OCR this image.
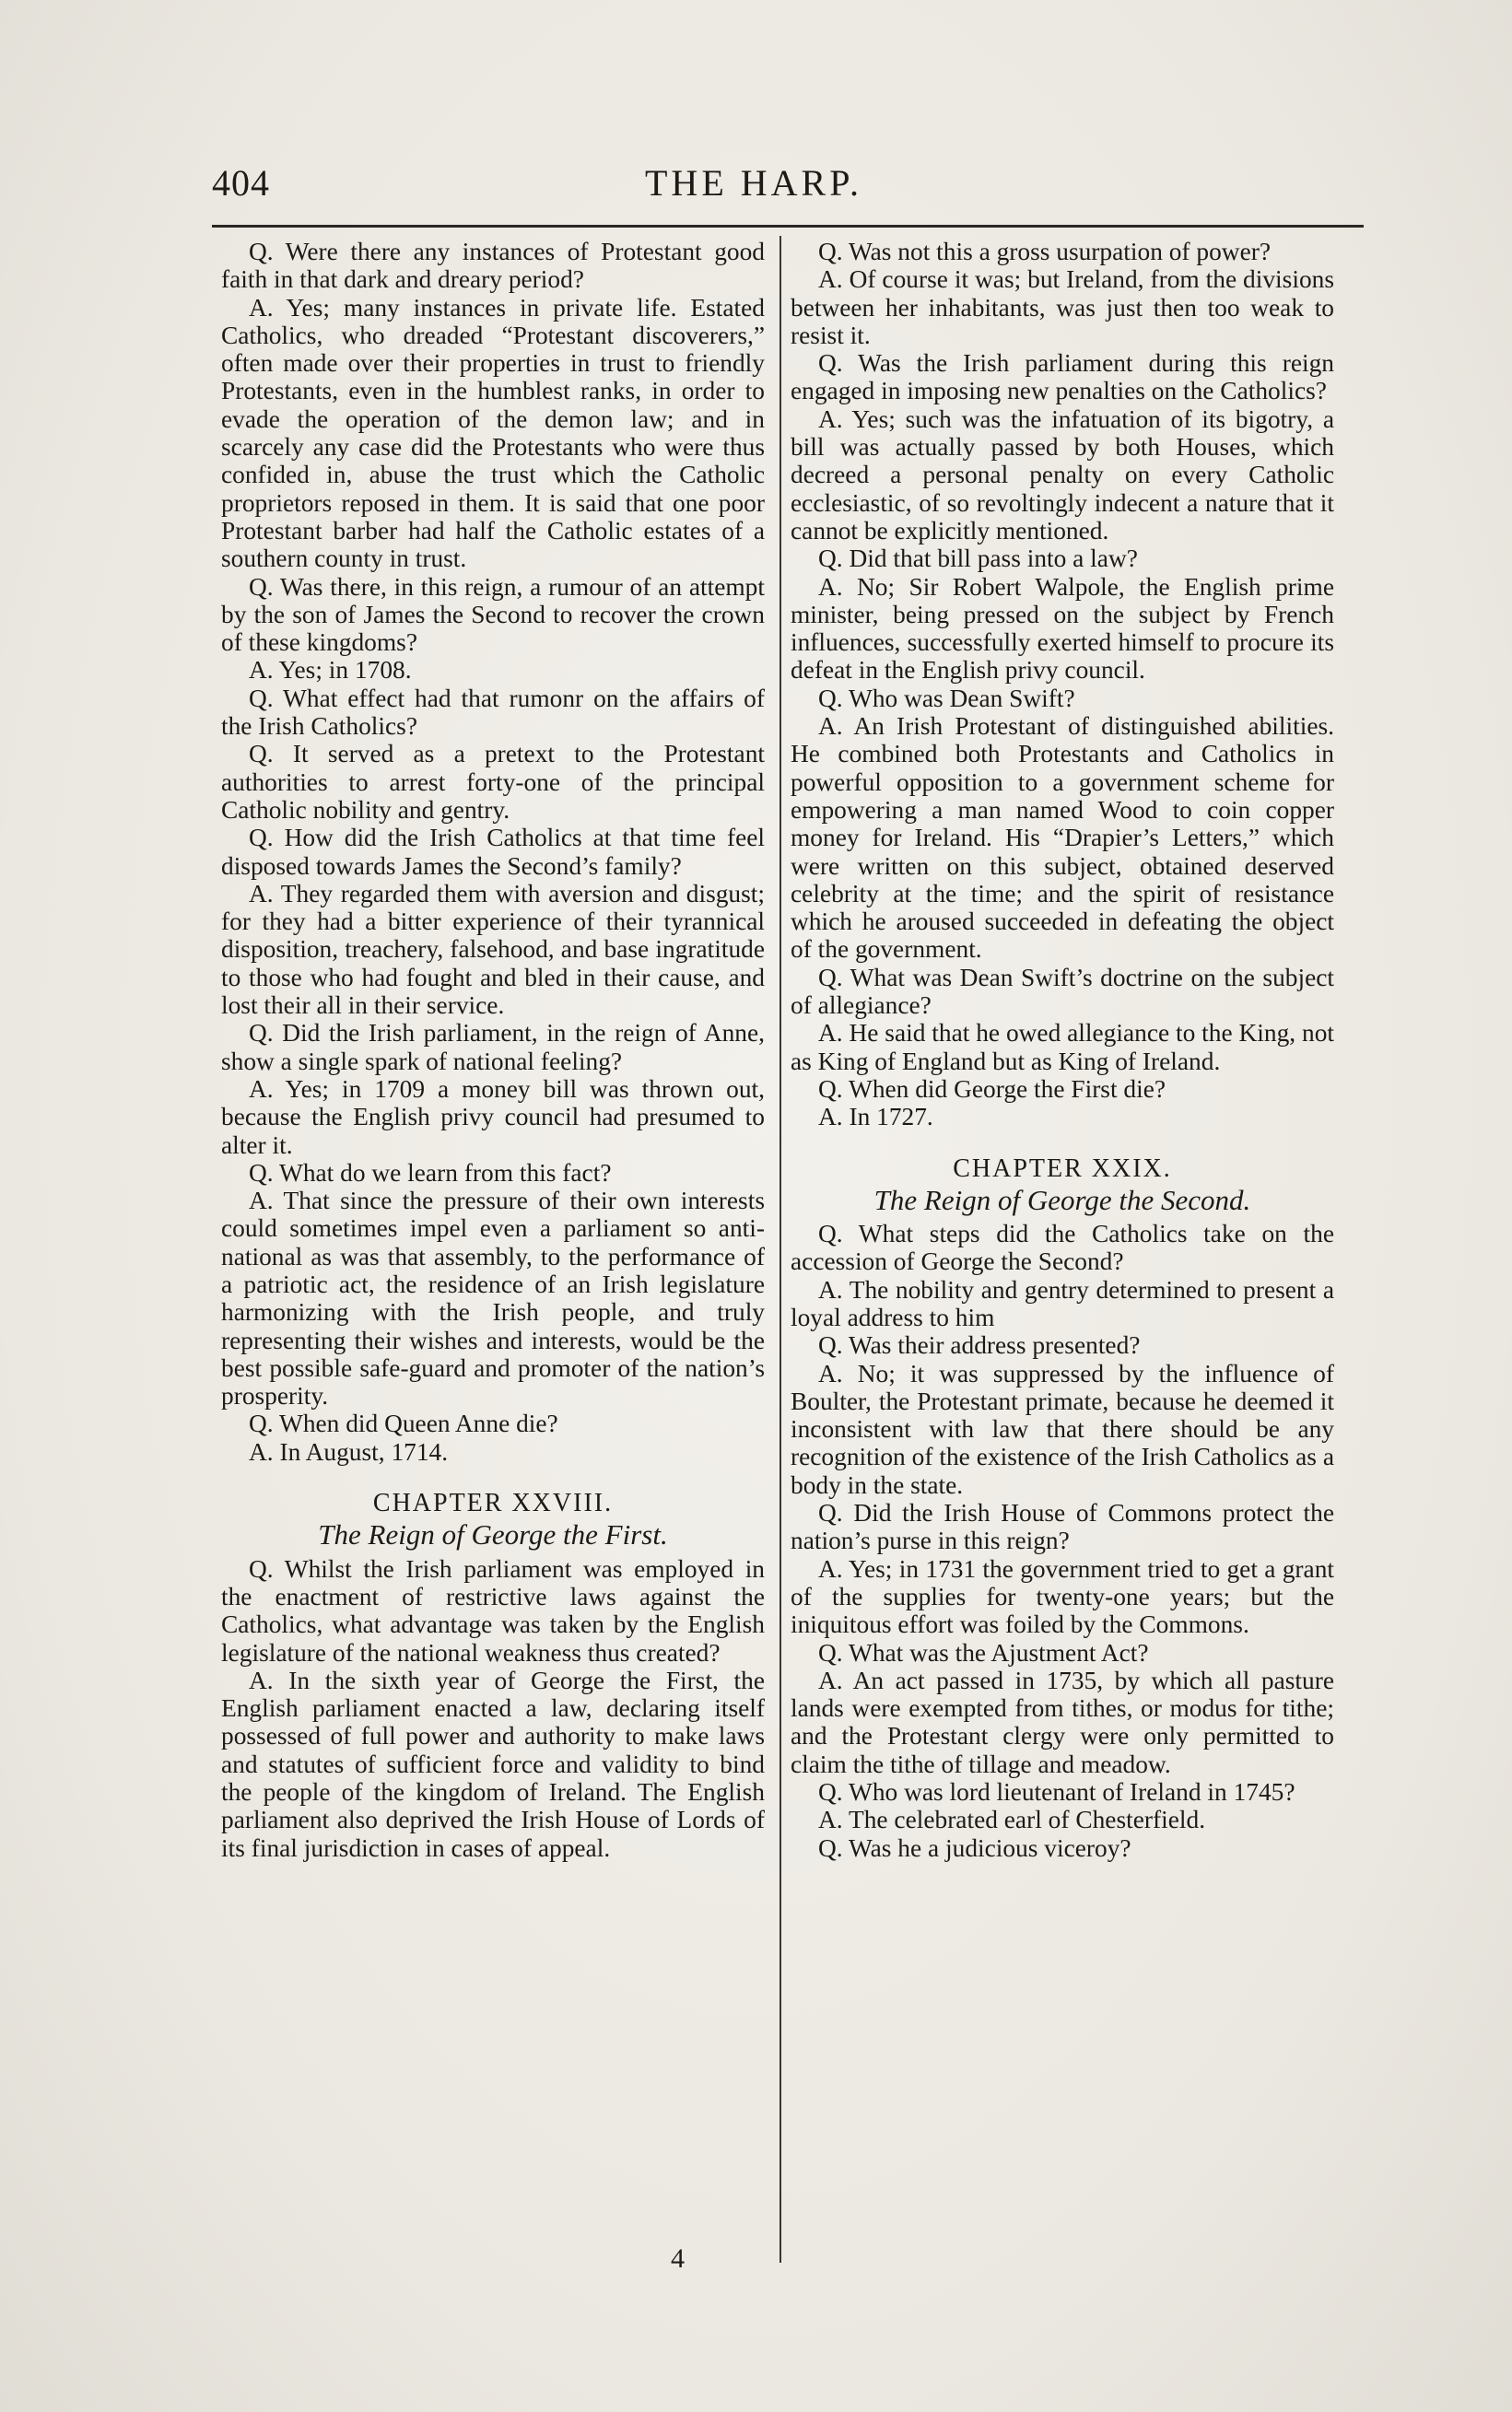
404	THE HARP.

Q. Were there any instances of Protestant good faith in that dark and dreary period?

A. Yes; many instances in private life. Estated Catholics, who dreaded “Protestant discoverers,” often made over their properties in trust to friendly Protestants, even in the humblest ranks, in order to evade the operation of the demon law; and in scarcely any case did the Protestants who were thus confided in, abuse the trust which the Catholic proprietors reposed in them. It is said that one poor Protestant barber had half the Catholic estates of a southern county in trust.

Q. Was there, in this reign, a rumour of an attempt by the son of James the Second to recover the crown of these kingdoms?

A. Yes; in 1708.

Q. What effect had that rumonr on the affairs of the Irish Catholics?

Q. It served as a pretext to the Protestant authorities to arrest forty-one of the principal Catholic nobility and gentry.

Q. How did the Irish Catholics at that time feel disposed towards James the Second’s family?

A. They regarded them with aversion and disgust; for they had a bitter experience of their tyrannical disposition, treachery, falsehood, and base ingratitude to those who had fought and bled in their cause, and lost their all in their service.

Q. Did the Irish parliament, in the reign of Anne, show a single spark of national feeling?

A. Yes; in 1709 a money bill was thrown out, because the English privy council had presumed to alter it.

Q. What do we learn from this fact?

A. That since the pressure of their own interests could sometimes impel even a parliament so anti-national as was that assembly, to the performance of a patriotic act, the residence of an Irish legislature harmonizing with the Irish people, and truly representing their wishes and interests, would be the best possible safe-guard and promoter of the nation’s prosperity.

Q. When did Queen Anne die?

A. In August, 1714.

CHAPTER XXVIII.

The Reign of George the First.

Q. Whilst the Irish parliament was employed in the enactment of restrictive laws against the Catholics, what advantage was taken by the English legislature of the national weakness thus created?

A. In the sixth year of George the First, the English parliament enacted a law, declaring itself possessed of full power and authority to make laws and statutes of sufficient force and validity to bind the people of the kingdom of Ireland. The English parliament also deprived the Irish House of Lords of its final jurisdiction in cases of appeal.

Q. Was not this a gross usurpation of power?

A. Of course it was; but Ireland, from the divisions between her inhabitants, was just then too weak to resist it.

Q. Was the Irish parliament during this reign engaged in imposing new penalties on the Catholics?

A. Yes; such was the infatuation of its bigotry, a bill was actually passed by both Houses, which decreed a personal penalty on every Catholic ecclesiastic, of so revoltingly indecent a nature that it cannot be explicitly mentioned.

Q. Did that bill pass into a law?

A. No; Sir Robert Walpole, the English prime minister, being pressed on the subject by French influences, successfully exerted himself to procure its defeat in the English privy council.

Q. Who was Dean Swift?

A. An Irish Protestant of distinguished abilities. He combined both Protestants and Catholics in powerful opposition to a government scheme for empowering a man named Wood to coin copper money for Ireland. His “Drapier’s Letters,” which were written on this subject, obtained deserved celebrity at the time; and the spirit of resistance which he aroused succeeded in defeating the object of the government.

Q. What was Dean Swift’s doctrine on the subject of allegiance?

A. He said that he owed allegiance to the King, not as King of England but as King of Ireland.

Q. When did George the First die?

A. In 1727.

CHAPTER XXIX.

The Reign of George the Second.

Q. What steps did the Catholics take on the accession of George the Second?

A. The nobility and gentry determined to present a loyal address to him

Q. Was their address presented?

A. No; it was suppressed by the influence of Boulter, the Protestant primate, because he deemed it inconsistent with law that there should be any recognition of the existence of the Irish Catholics as a body in the state.

Q. Did the Irish House of Commons protect the nation’s purse in this reign?

A. Yes; in 1731 the government tried to get a grant of the supplies for twenty-one years; but the iniquitous effort was foiled by the Commons.

Q. What was the Ajustment Act?

A. An act passed in 1735, by which all pasture lands were exempted from tithes, or modus for tithe; and the Protestant clergy were only permitted to claim the tithe of tillage and meadow.

Q. Who was lord lieutenant of Ireland in 1745?

A. The celebrated earl of Chesterfield.

Q. Was he a judicious viceroy?

4
